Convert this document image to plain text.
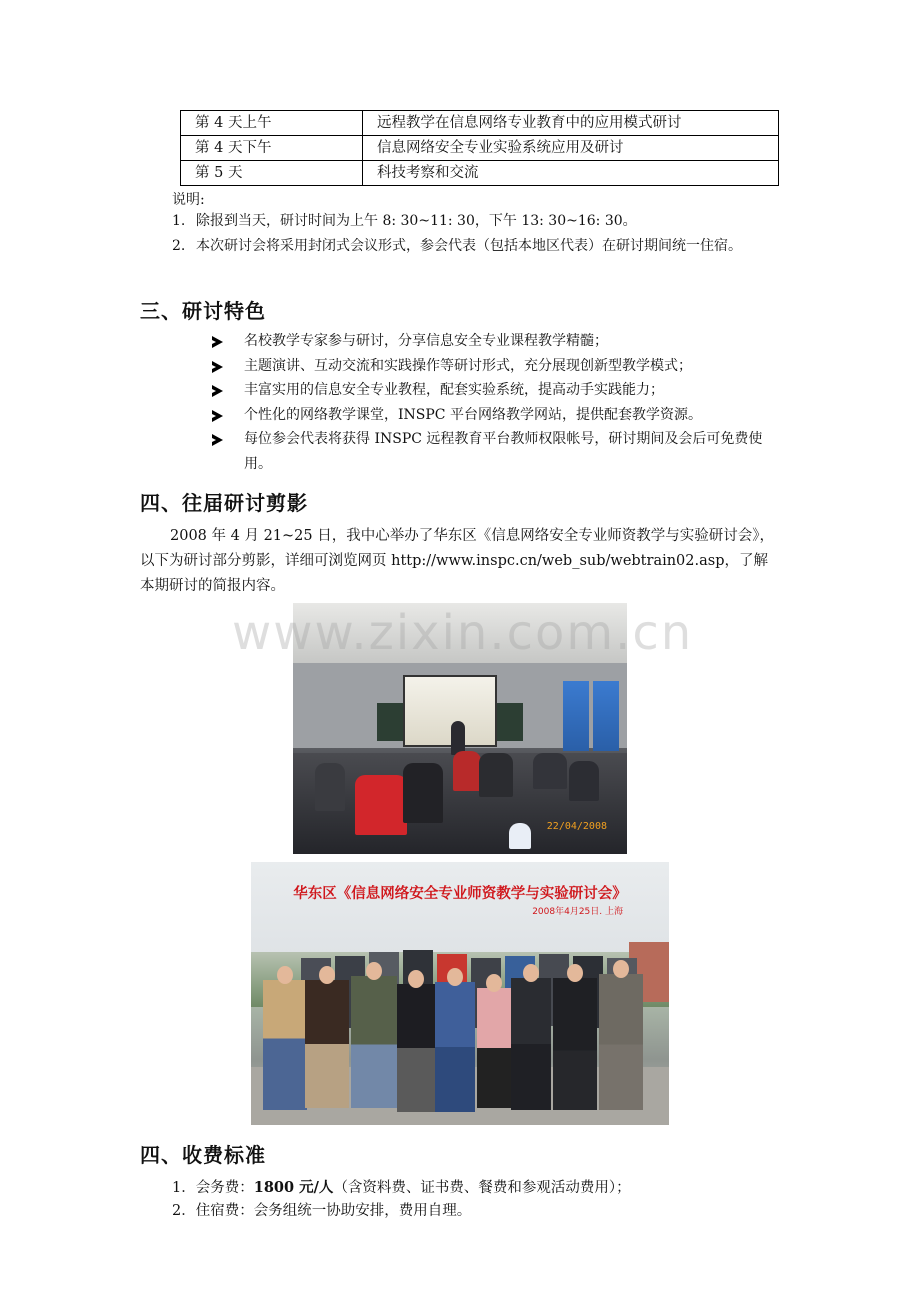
第 4 天上午	远程教学在信息网络专业教育中的应用模式研讨
第 4 天下午	信息网络安全专业实验系统应用及研讨
第 5 天	科技考察和交流
说明:
1. 除报到当天，研讨时间为上午 8: 30~11: 30，下午 13: 30~16: 30。
2. 本次研讨会将采用封闭式会议形式，参会代表（包括本地区代表）在研讨期间统一住宿。
三、研讨特色
名校教学专家参与研讨，分享信息安全专业课程教学精髓；
主题演讲、互动交流和实践操作等研讨形式，充分展现创新型教学模式；
丰富实用的信息安全专业教程，配套实验系统，提高动手实践能力；
个性化的网络教学课堂，INSPC 平台网络教学网站，提供配套教学资源。
每位参会代表将获得 INSPC 远程教育平台教师权限帐号，研讨期间及会后可免费使用。
四、往届研讨剪影
2008 年 4 月 21~25 日，我中心举办了华东区《信息网络安全专业师资教学与实验研讨会》，以下为研讨部分剪影，详细可浏览网页 http://www.inspc.cn/web_sub/webtrain02.asp，了解本期研讨的简报内容。
22/04/2008
华东区《信息网络安全专业师资教学与实验研讨会》
2008年4月25日. 上海
www.zixin.com.cn
四、收费标准
1．会务费：1800 元/人（含资料费、证书费、餐费和参观活动费用）；
2．住宿费：会务组统一协助安排，费用自理。
